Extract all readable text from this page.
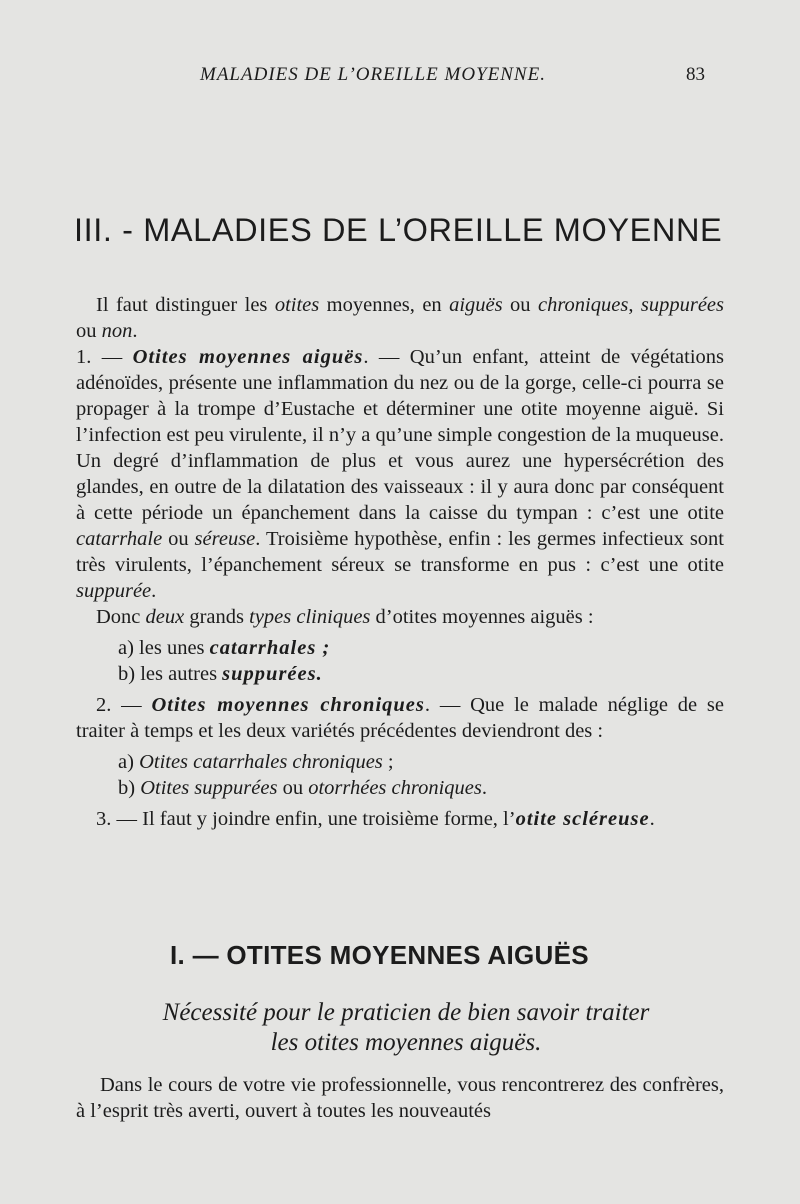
MALADIES DE L’OREILLE MOYENNE.	83
III. - MALADIES DE L’OREILLE MOYENNE

Il faut distinguer les otites moyennes, en aiguës ou chroniques, suppurées ou non.

1. — Otites moyennes aiguës. — Qu’un enfant, atteint de végétations adénoïdes, présente une inflammation du nez ou de la gorge, celle-ci pourra se propager à la trompe d’Eustache et déterminer une otite moyenne aiguë. Si l’infection est peu virulente, il n’y a qu’une simple congestion de la muqueuse. Un degré d’inflammation de plus et vous aurez une hypersécrétion des glandes, en outre de la dilatation des vaisseaux : il y aura donc par conséquent à cette période un épanchement dans la caisse du tympan : c’est une otite catarrhale ou séreuse. Troisième hypothèse, enfin : les germes infectieux sont très virulents, l’épanchement séreux se transforme en pus : c’est une otite suppurée.

Donc deux grands types cliniques d’otites moyennes aiguës :

a) les unes catarrhales ;

b) les autres suppurées.

2. — Otites moyennes chroniques. — Que le malade néglige de se traiter à temps et les deux variétés précédentes deviendront des :

a) Otites catarrhales chroniques ;

b) Otites suppurées ou otorrhées chroniques.

3. — Il faut y joindre enfin, une troisième forme, l’otite scléreuse.

I. — OTITES MOYENNES AIGUËS
Nécessité pour le praticien de bien savoir traiter
les otites moyennes aiguës.

Dans le cours de votre vie professionnelle, vous rencontrerez des confrères, à l’esprit très averti, ouvert à toutes les nouveautés
